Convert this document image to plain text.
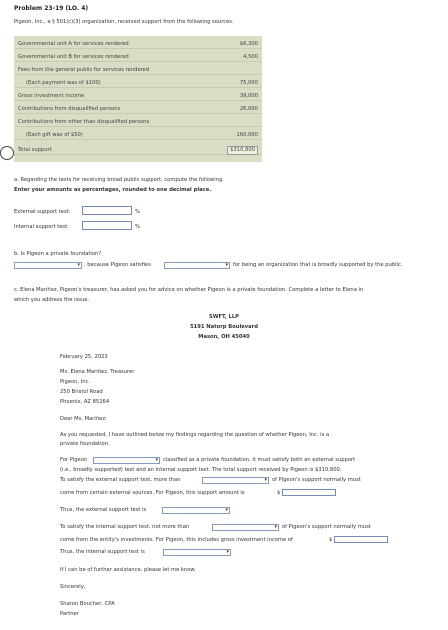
Problem 23-19 (LO. 4)
Pigeon, Inc., a § 501(c)(3) organization, received support from the following sources.
Governmental unit A for services rendered	$6,300
Governmental unit B for services rendered	4,500
Fees from the general public for services rendered
(Each payment was of $100)	75,000
Gross investment income	39,000
Contributions from disqualified persons	26,000
Contributions from other than disqualified persons
(Each gift was of $50)	160,000
Total support	$310,800
a. Regarding the tests for receiving broad public support, compute the following.
Enter your amounts as percentages, rounded to one decimal place.
External support test:	%
Internal support test:	%
b. Is Pigeon a private foundation?
▾ , because Pigeon satisfies	▾ for being an organization that is broadly supported by the public.
c. Elena Mariñez, Pigeon's treasurer, has asked you for advice on whether Pigeon is a private foundation. Complete a letter to Elena in
which you address the issue.
SWFT, LLP
5191 Natorp Boulevard
Mason, OH 45040
February 25, 2023
Ms. Elena Mariñez, Treasurer
Pigeon, Inc.
250 Bristol Road
Phoenix, AZ 85264
Dear Ms. Mariñez:
As you requested, I have outlined below my findings regarding the question of whether Pigeon, Inc. is a
private foundation.
For Pigeon	▾ classified as a private foundation, it must satisfy both an external support
(i.e., broadly supported) test and an internal support test. The total support received by Pigeon is $310,800.
To satisfy the external support test, more than	▾ of Pigeon's support normally must
come from certain external sources. For Pigeon, this support amount is	$
Thus, the external support test is	▾
To satisfy the internal support test, not more than	▾ of Pigeon's support normally must
come from the entity's investments. For Pigeon, this includes gross investment income of	$
Thus, the internal support test is	▾
If I can be of further assistance, please let me know.
Sincerely,
Sharon Boucher, CPA
Partner
